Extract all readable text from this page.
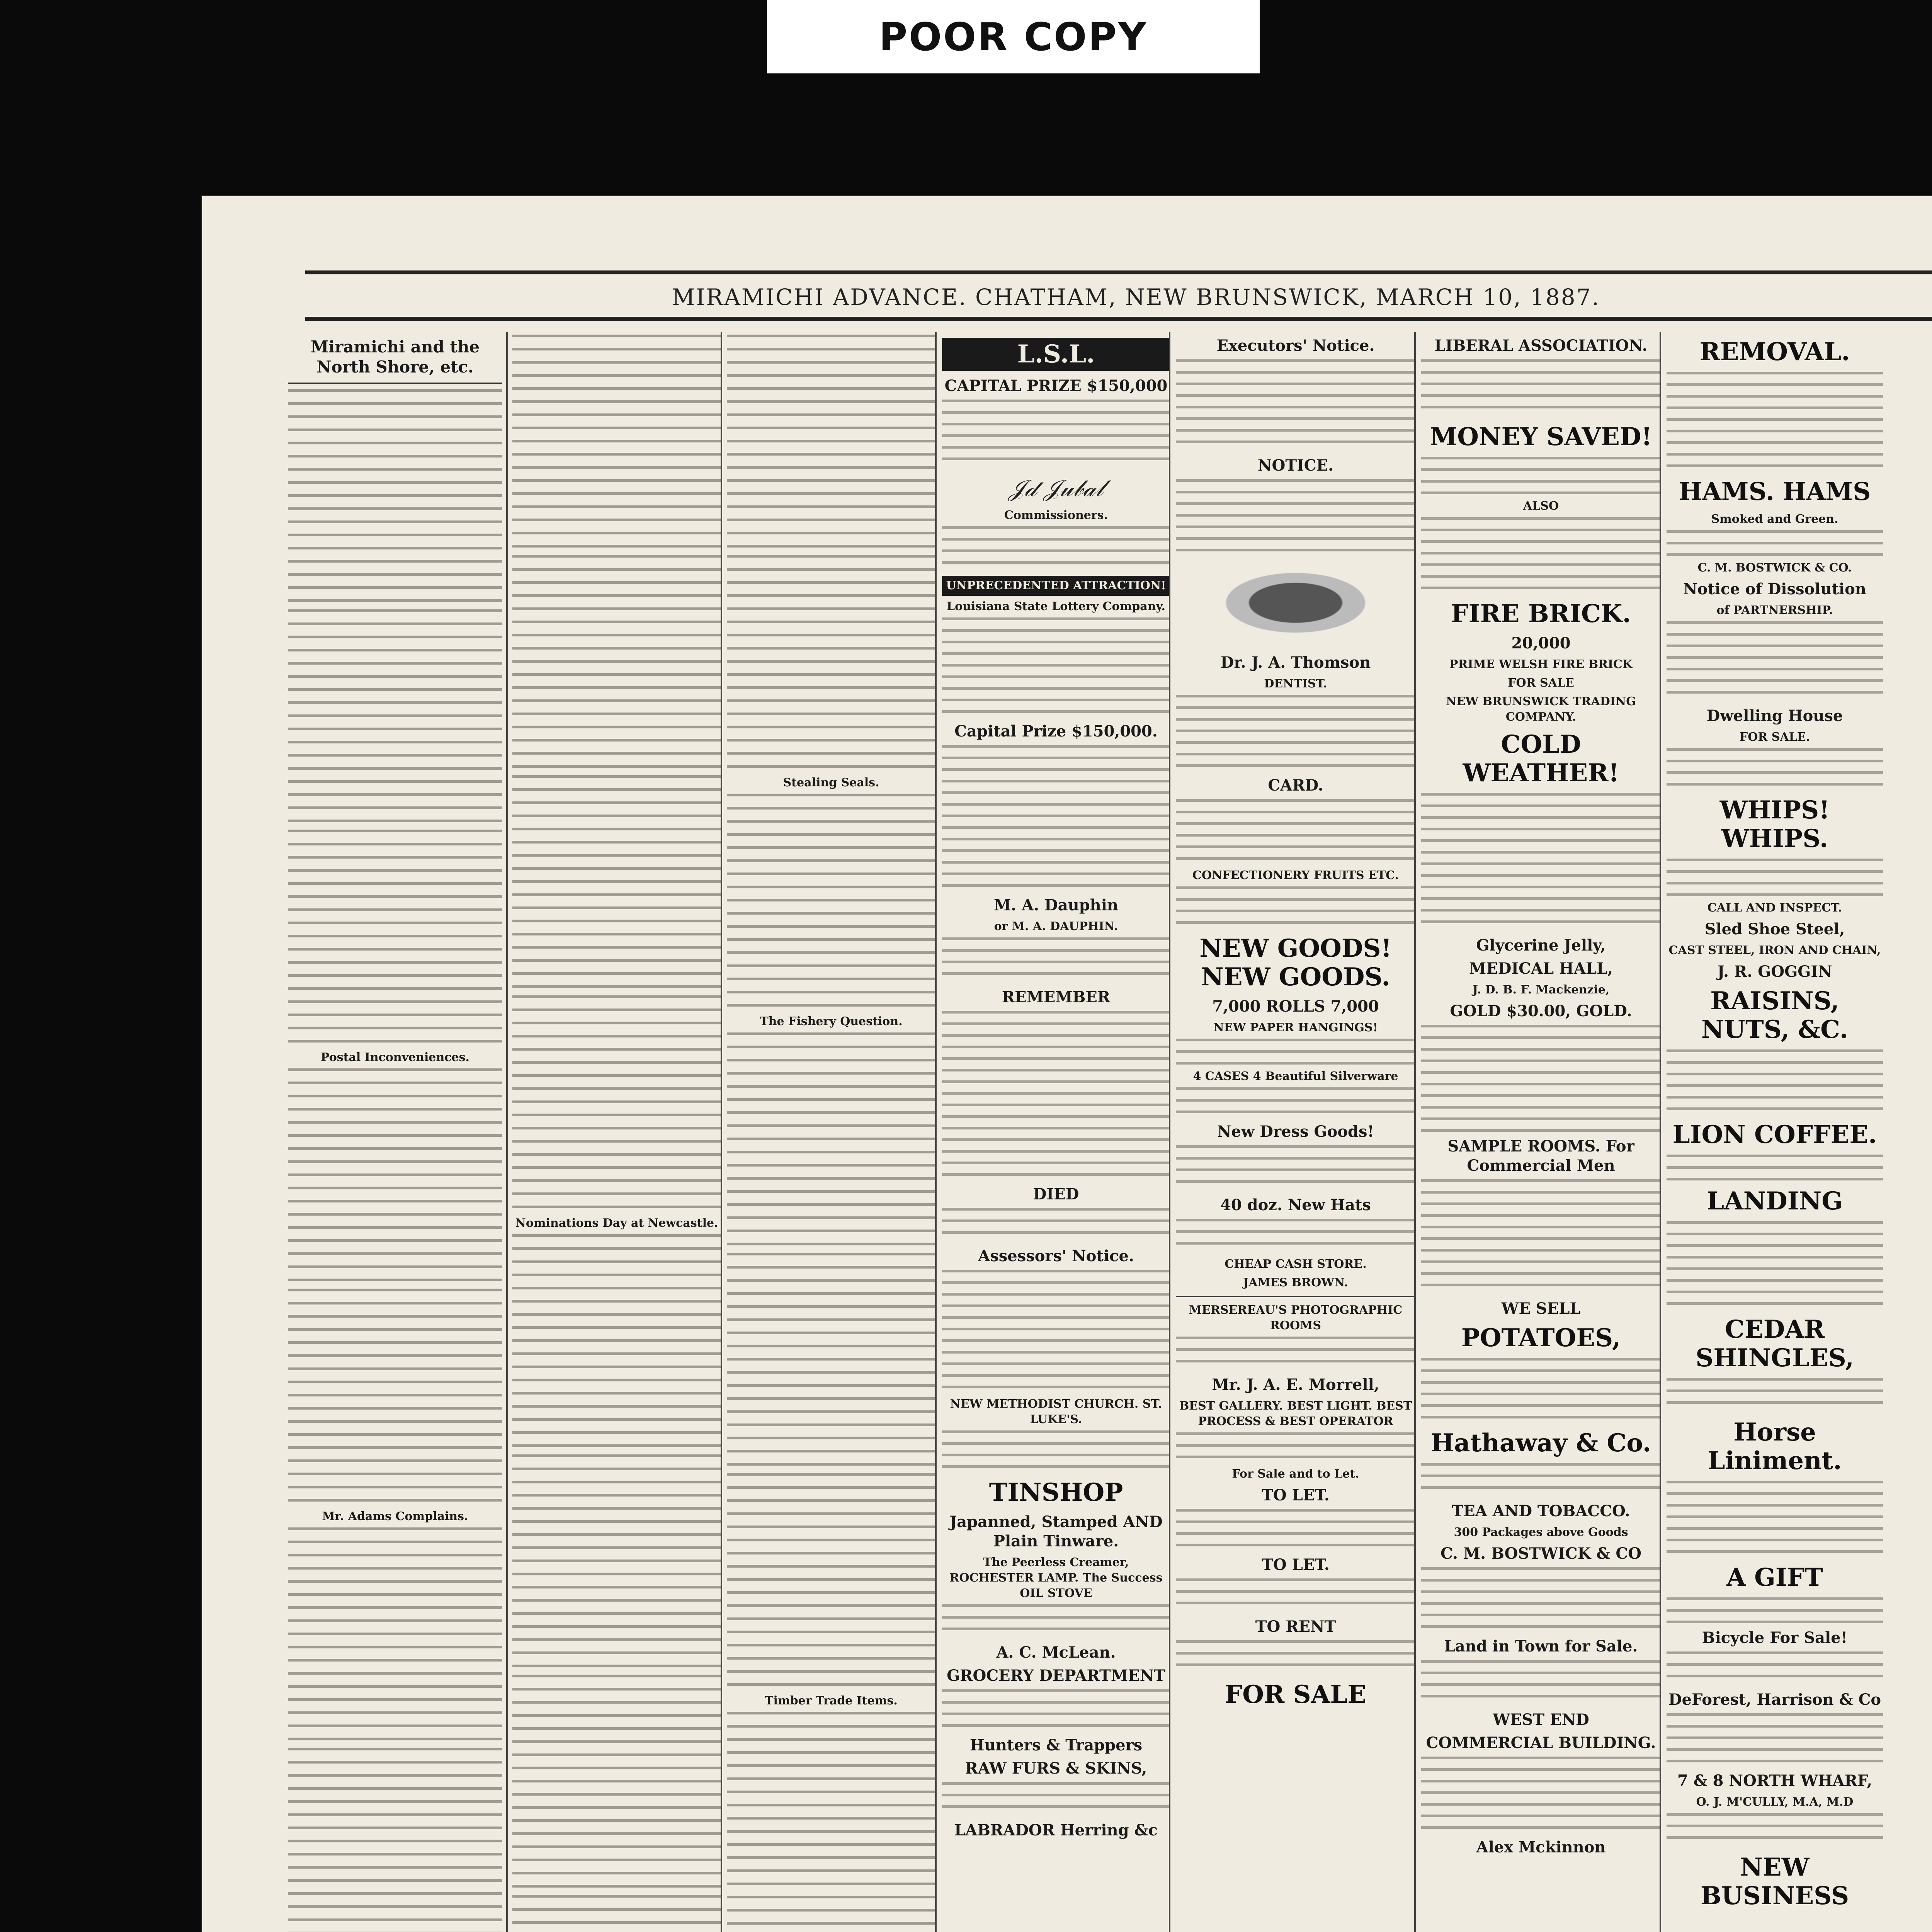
POOR COPY
MIRAMICHI ADVANCE. CHATHAM, NEW BRUNSWICK, MARCH 10, 1887.
Miramichi and the North Shore, etc.
Postal Inconveniences.
Mr. Adams Complains.
Nominations Day at Newcastle.
Stealing Seals.
The Fishery Question.
Timber Trade Items.
L.S.L.
CAPITAL PRIZE $150,000
𝒥𝒹 𝒥𝓊𝒷𝒶𝓁
Commissioners.
UNPRECEDENTED ATTRACTION!
Louisiana State Lottery Company.
Capital Prize $150,000.
M. A. Dauphin
or M. A. DAUPHIN.
REMEMBER
DIED
Assessors' Notice.
NEW METHODIST CHURCH. ST. LUKE'S.
TINSHOP
Japanned, Stamped AND Plain Tinware.
The Peerless Creamer, ROCHESTER LAMP. The Success OIL STOVE
A. C. McLean.
GROCERY DEPARTMENT
Hunters & Trappers
RAW FURS & SKINS,
LABRADOR Herring &c
Executors' Notice.
NOTICE.
Dr. J. A. Thomson
DENTIST.
CARD.
CONFECTIONERY FRUITS ETC.
NEW GOODS! NEW GOODS.
7,000 ROLLS 7,000
NEW PAPER HANGINGS!
4 CASES 4 Beautiful Silverware
New Dress Goods!
40 doz. New Hats
CHEAP CASH STORE.
JAMES BROWN.
MERSEREAU'S PHOTOGRAPHIC ROOMS
Mr. J. A. E. Morrell,
BEST GALLERY. BEST LIGHT. BEST PROCESS & BEST OPERATOR
For Sale and to Let.
TO LET.
TO LET.
TO RENT
FOR SALE
LIBERAL ASSOCIATION.
MONEY SAVED!
ALSO
FIRE BRICK.
20,000
PRIME WELSH FIRE BRICK
FOR SALE
NEW BRUNSWICK TRADING COMPANY.
COLD WEATHER!
Glycerine Jelly,
MEDICAL HALL,
J. D. B. F. Mackenzie,
GOLD $30.00, GOLD.
SAMPLE ROOMS. For Commercial Men
WE SELL
POTATOES,
Hathaway & Co.
TEA AND TOBACCO.
300 Packages above Goods
C. M. BOSTWICK & CO
Land in Town for Sale.
WEST END
COMMERCIAL BUILDING.
Alex Mckinnon
REMOVAL.
HAMS. HAMS
Smoked and Green.
C. M. BOSTWICK & CO.
Notice of Dissolution
of PARTNERSHIP.
Dwelling House
FOR SALE.
WHIPS! WHIPS.
CALL AND INSPECT.
Sled Shoe Steel,
CAST STEEL, IRON AND CHAIN,
J. R. GOGGIN
RAISINS, NUTS, &C.
LION COFFEE.
LANDING
CEDAR SHINGLES,
Horse Liniment.
A GIFT
Bicycle For Sale!
DeForest, Harrison & Co
7 & 8 NORTH WHARF,
O. J. M'CULLY, M.A, M.D
NEW BUSINESS
